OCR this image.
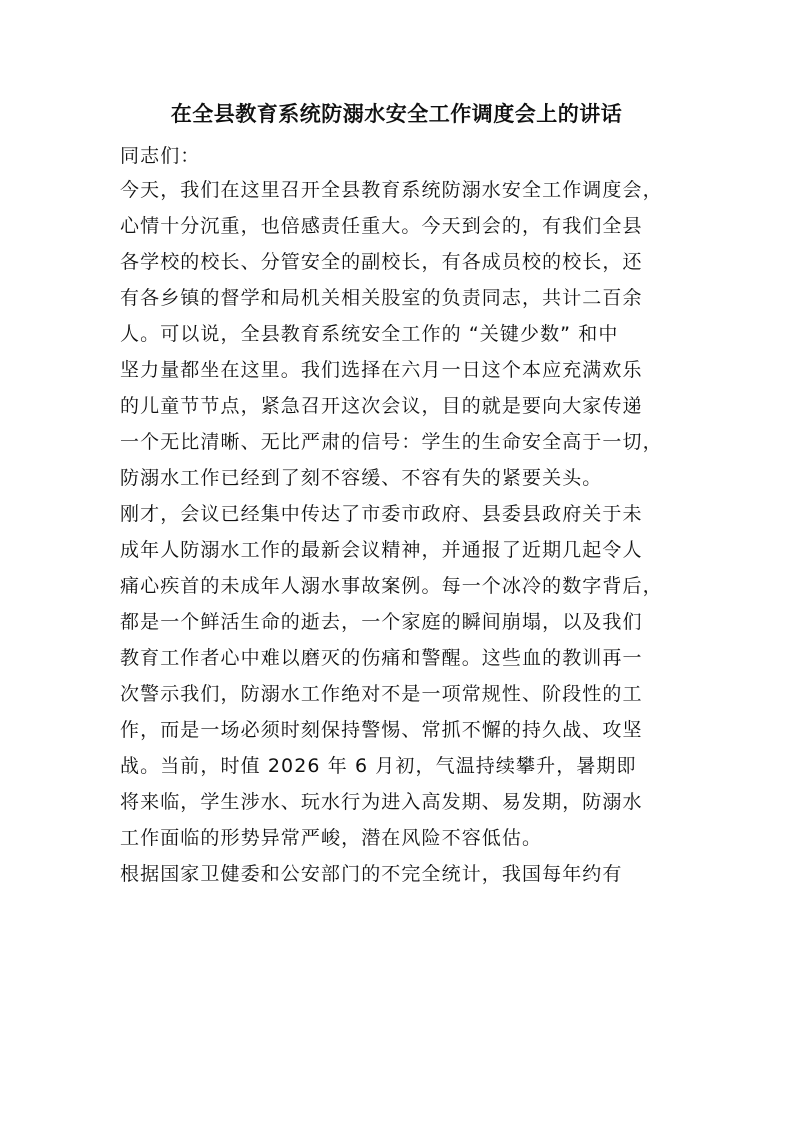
在全县教育系统防溺水安全工作调度会上的讲话

同志们：

今天，我们在这里召开全县教育系统防溺水安全工作调度会，

心情十分沉重，也倍感责任重大。今天到会的，有我们全县

各学校的校长、分管安全的副校长，有各成员校的校长，还

有各乡镇的督学和局机关相关股室的负责同志，共计二百余

人。可以说，全县教育系统安全工作的 “关键少数” 和中

坚力量都坐在这里。我们选择在六月一日这个本应充满欢乐

的儿童节节点，紧急召开这次会议，目的就是要向大家传递

一个无比清晰、无比严肃的信号：学生的生命安全高于一切，

防溺水工作已经到了刻不容缓、不容有失的紧要关头。

刚才，会议已经集中传达了市委市政府、县委县政府关于未

成年人防溺水工作的最新会议精神，并通报了近期几起令人

痛心疾首的未成年人溺水事故案例。每一个冰冷的数字背后，

都是一个鲜活生命的逝去，一个家庭的瞬间崩塌，以及我们

教育工作者心中难以磨灭的伤痛和警醒。这些血的教训再一

次警示我们，防溺水工作绝对不是一项常规性、阶段性的工

作，而是一场必须时刻保持警惕、常抓不懈的持久战、攻坚

战。当前，时值 2026 年 6 月初，气温持续攀升，暑期即

将来临，学生涉水、玩水行为进入高发期、易发期，防溺水

工作面临的形势异常严峻，潜在风险不容低估。

根据国家卫健委和公安部门的不完全统计，我国每年约有
